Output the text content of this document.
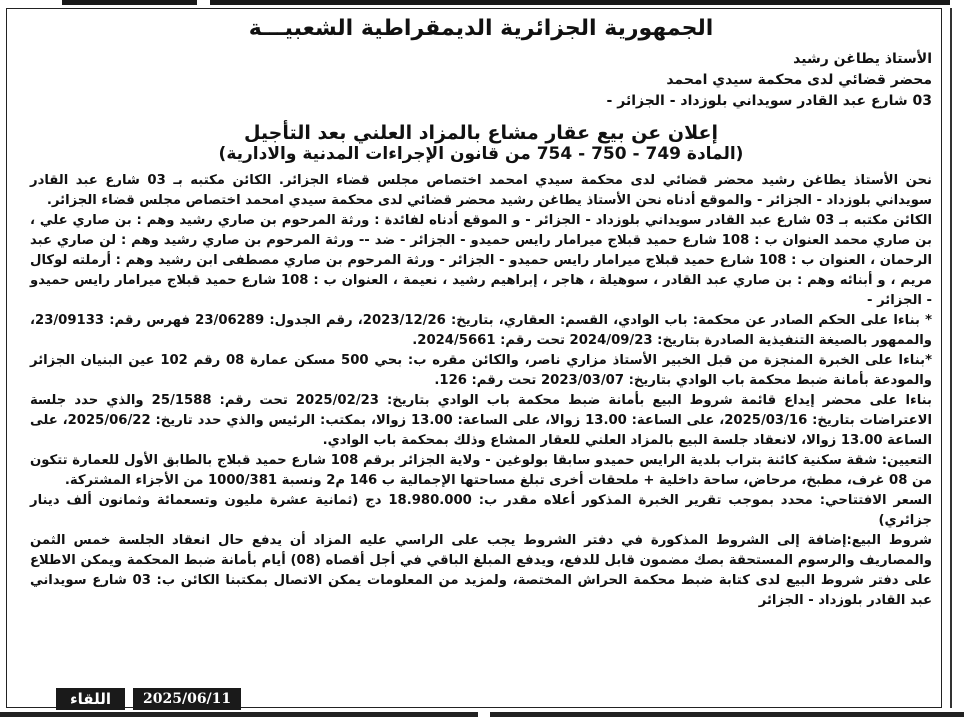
الجمهورية الجزائرية الديمقراطية الشعبيـــة

الأستاذ يطاغن رشيد

محضر قضائي لدى محكمة سيدي امحمد

03 شارع عبد القادر سويداني بلوزداد - الجزائر -

إعلان عن بيع عقار مشاع بالمزاد العلني بعد التأجيل
(المادة 749 - 750 - 754 من قانون الإجراءات المدنية والادارية)

نحن الأستاذ يطاغن رشيد محضر قضائي لدى محكمة سيدي امحمد اختصاص مجلس قضاء الجزائر. الكائن مكتبه بـ 03 شارع عبد القادر سويداني بلوزداد - الجزائر - والموقع أدناه نحن الأستاذ يطاغن رشيد محضر قضائي لدى محكمة سيدي امحمد اختصاص مجلس قضاء الجزائر.

الكائن مكتبه بـ 03 شارع عبد القادر سويداني بلوزداد - الجزائر - و الموقع أدناه لفائدة : ورثة المرحوم بن صاري رشيد وهم : بن صاري علي ، بن صاري محمد العنوان ب : 108 شارع حميد قبلاج ميرامار رايس حميدو - الجزائر - ضد -- ورثة المرحوم بن صاري رشيد وهم : لن صاري عبد الرحمان ، العنوان ب : 108 شارع حميد قبلاج ميرامار رايس حميدو - الجزائر - ورثة المرحوم بن صاري مصطفى ابن رشيد وهم : أرملته لوكال مريم ، و أبنائه وهم : بن صاري عبد القادر ، سوهيلة ، هاجر ، إبراهيم رشيد ، نعيمة ، العنوان ب : 108 شارع حميد قبلاج ميرامار رايس حميدو - الجزائر -

* بناءا على الحكم الصادر عن محكمة: باب الوادي، القسم: العقاري، بتاريخ: 2023/12/26، رقم الجدول: 23/06289 فهرس رقم: 23/09133، والممهور بالصيغة التنفيذية الصادرة بتاريخ: 2024/09/23 تحت رقم: 2024/5661.

*بناءا على الخبرة المنجزة من قبل الخبير الأستاذ مزاري ناصر، والكائن مقره ب: بحي 500 مسكن عمارة 08 رقم 102 عين البنيان الجزائر والمودعة بأمانة ضبط محكمة باب الوادي بتاريخ: 2023/03/07 تحت رقم: 126.

بناءا على محضر إيداع قائمة شروط البيع بأمانة ضبط محكمة باب الوادي بتاريخ: 2025/02/23 تحت رقم: 25/1588 والذي حدد جلسة الاعتراضات بتاريخ: 2025/03/16، على الساعة: 13.00 زوالا، على الساعة: 13.00 زوالا، بمكتب: الرئيس والذي حدد تاريخ: 2025/06/22، على الساعة 13.00 زوالا، لانعقاد جلسة البيع بالمزاد العلني للعقار المشاع وذلك بمحكمة باب الوادي.

التعيين: شقة سكنية كائنة بتراب بلدية الرايس حميدو سابقا بولوغين - ولاية الجزائر برقم 108 شارع حميد قبلاج بالطابق الأول للعمارة تتكون من 08 غرف، مطبخ، مرحاض، ساحة داخلية + ملحقات أخرى تبلغ مساحتها الإجمالية ب 146 م2 ونسبة 1000/381 من الأجزاء المشتركة.

السعر الافتتاحي: محدد بموجب تقرير الخبرة المذكور أعلاه مقدر ب: 18.980.000 دج (ثمانية عشرة مليون وتسعمائة وثمانون ألف دينار جزائري)

شروط البيع:إضافة إلى الشروط المذكورة في دفتر الشروط يجب على الراسي عليه المزاد أن يدفع حال انعقاد الجلسة خمس الثمن والمصاريف والرسوم المستحقة بصك مضمون قابل للدفع، ويدفع المبلغ الباقي في أجل أقصاه (08) أيام بأمانة ضبط المحكمة ويمكن الاطلاع على دفتر شروط البيع لدى كتابة ضبط محكمة الحراش المختصة، ولمزيد من المعلومات يمكن الاتصال بمكتبنا الكائن ب: 03 شارع سويداني عبد القادر بلوزداد - الجزائر

اللقاء	2025/06/11
